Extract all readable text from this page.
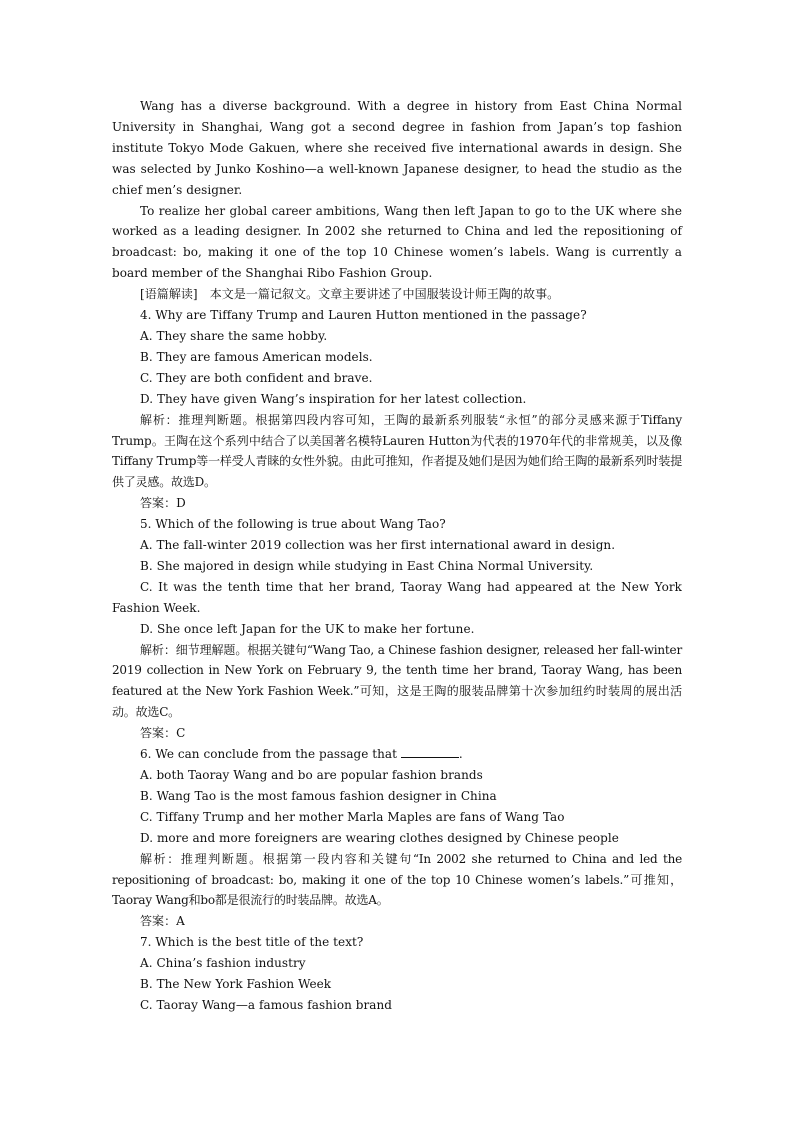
Wang has a diverse background. With a degree in history from East China Normal University in Shanghai, Wang got a second degree in fashion from Japan’s top fashion institute Tokyo Mode Gakuen, where she received five international awards in design. She was selected by Junko Koshino—a well-known Japanese designer, to head the studio as the chief men’s designer.

To realize her global career ambitions, Wang then left Japan to go to the UK where she worked as a leading designer. In 2002 she returned to China and led the repositioning of broadcast: bo, making it one of the top 10 Chinese women’s labels. Wang is currently a board member of the Shanghai Ribo Fashion Group.

[语篇解读]　本文是一篇记叙文。文章主要讲述了中国服装设计师王陶的故事。

4. Why are Tiffany Trump and Lauren Hutton mentioned in the passage?

A. They share the same hobby.

B. They are famous American models.

C. They are both confident and brave.

D. They have given Wang’s inspiration for her latest collection.

解析：推理判断题。根据第四段内容可知，王陶的最新系列服装“永恒”的部分灵感来源于Tiffany Trump。王陶在这个系列中结合了以美国著名模特Lauren Hutton为代表的1970年代的非常规美，以及像Tiffany Trump等一样受人青睐的女性外貌。由此可推知，作者提及她们是因为她们给王陶的最新系列时装提供了灵感。故选D。

答案：D

5. Which of the following is true about Wang Tao?

A. The fall-winter 2019 collection was her first international award in design.

B. She majored in design while studying in East China Normal University.

C. It was the tenth time that her brand, Taoray Wang had appeared at the New York Fashion Week.

D. She once left Japan for the UK to make her fortune.

解析：细节理解题。根据关键句“Wang Tao, a Chinese fashion designer, released her fall-winter 2019 collection in New York on February 9, the tenth time her brand, Taoray Wang, has been featured at the New York Fashion Week.”可知，这是王陶的服装品牌第十次参加纽约时装周的展出活动。故选C。

答案：C

6. We can conclude from the passage that	.

A. both Taoray Wang and bo are popular fashion brands

B. Wang Tao is the most famous fashion designer in China

C. Tiffany Trump and her mother Marla Maples are fans of Wang Tao

D. more and more foreigners are wearing clothes designed by Chinese people

解析：推理判断题。根据第一段内容和关键句“In 2002 she returned to China and led the repositioning of broadcast: bo, making it one of the top 10 Chinese women’s labels.”可推知，Taoray Wang和bo都是很流行的时装品牌。故选A。

答案：A

7. Which is the best title of the text?

A. China’s fashion industry

B. The New York Fashion Week

C. Taoray Wang—a famous fashion brand
